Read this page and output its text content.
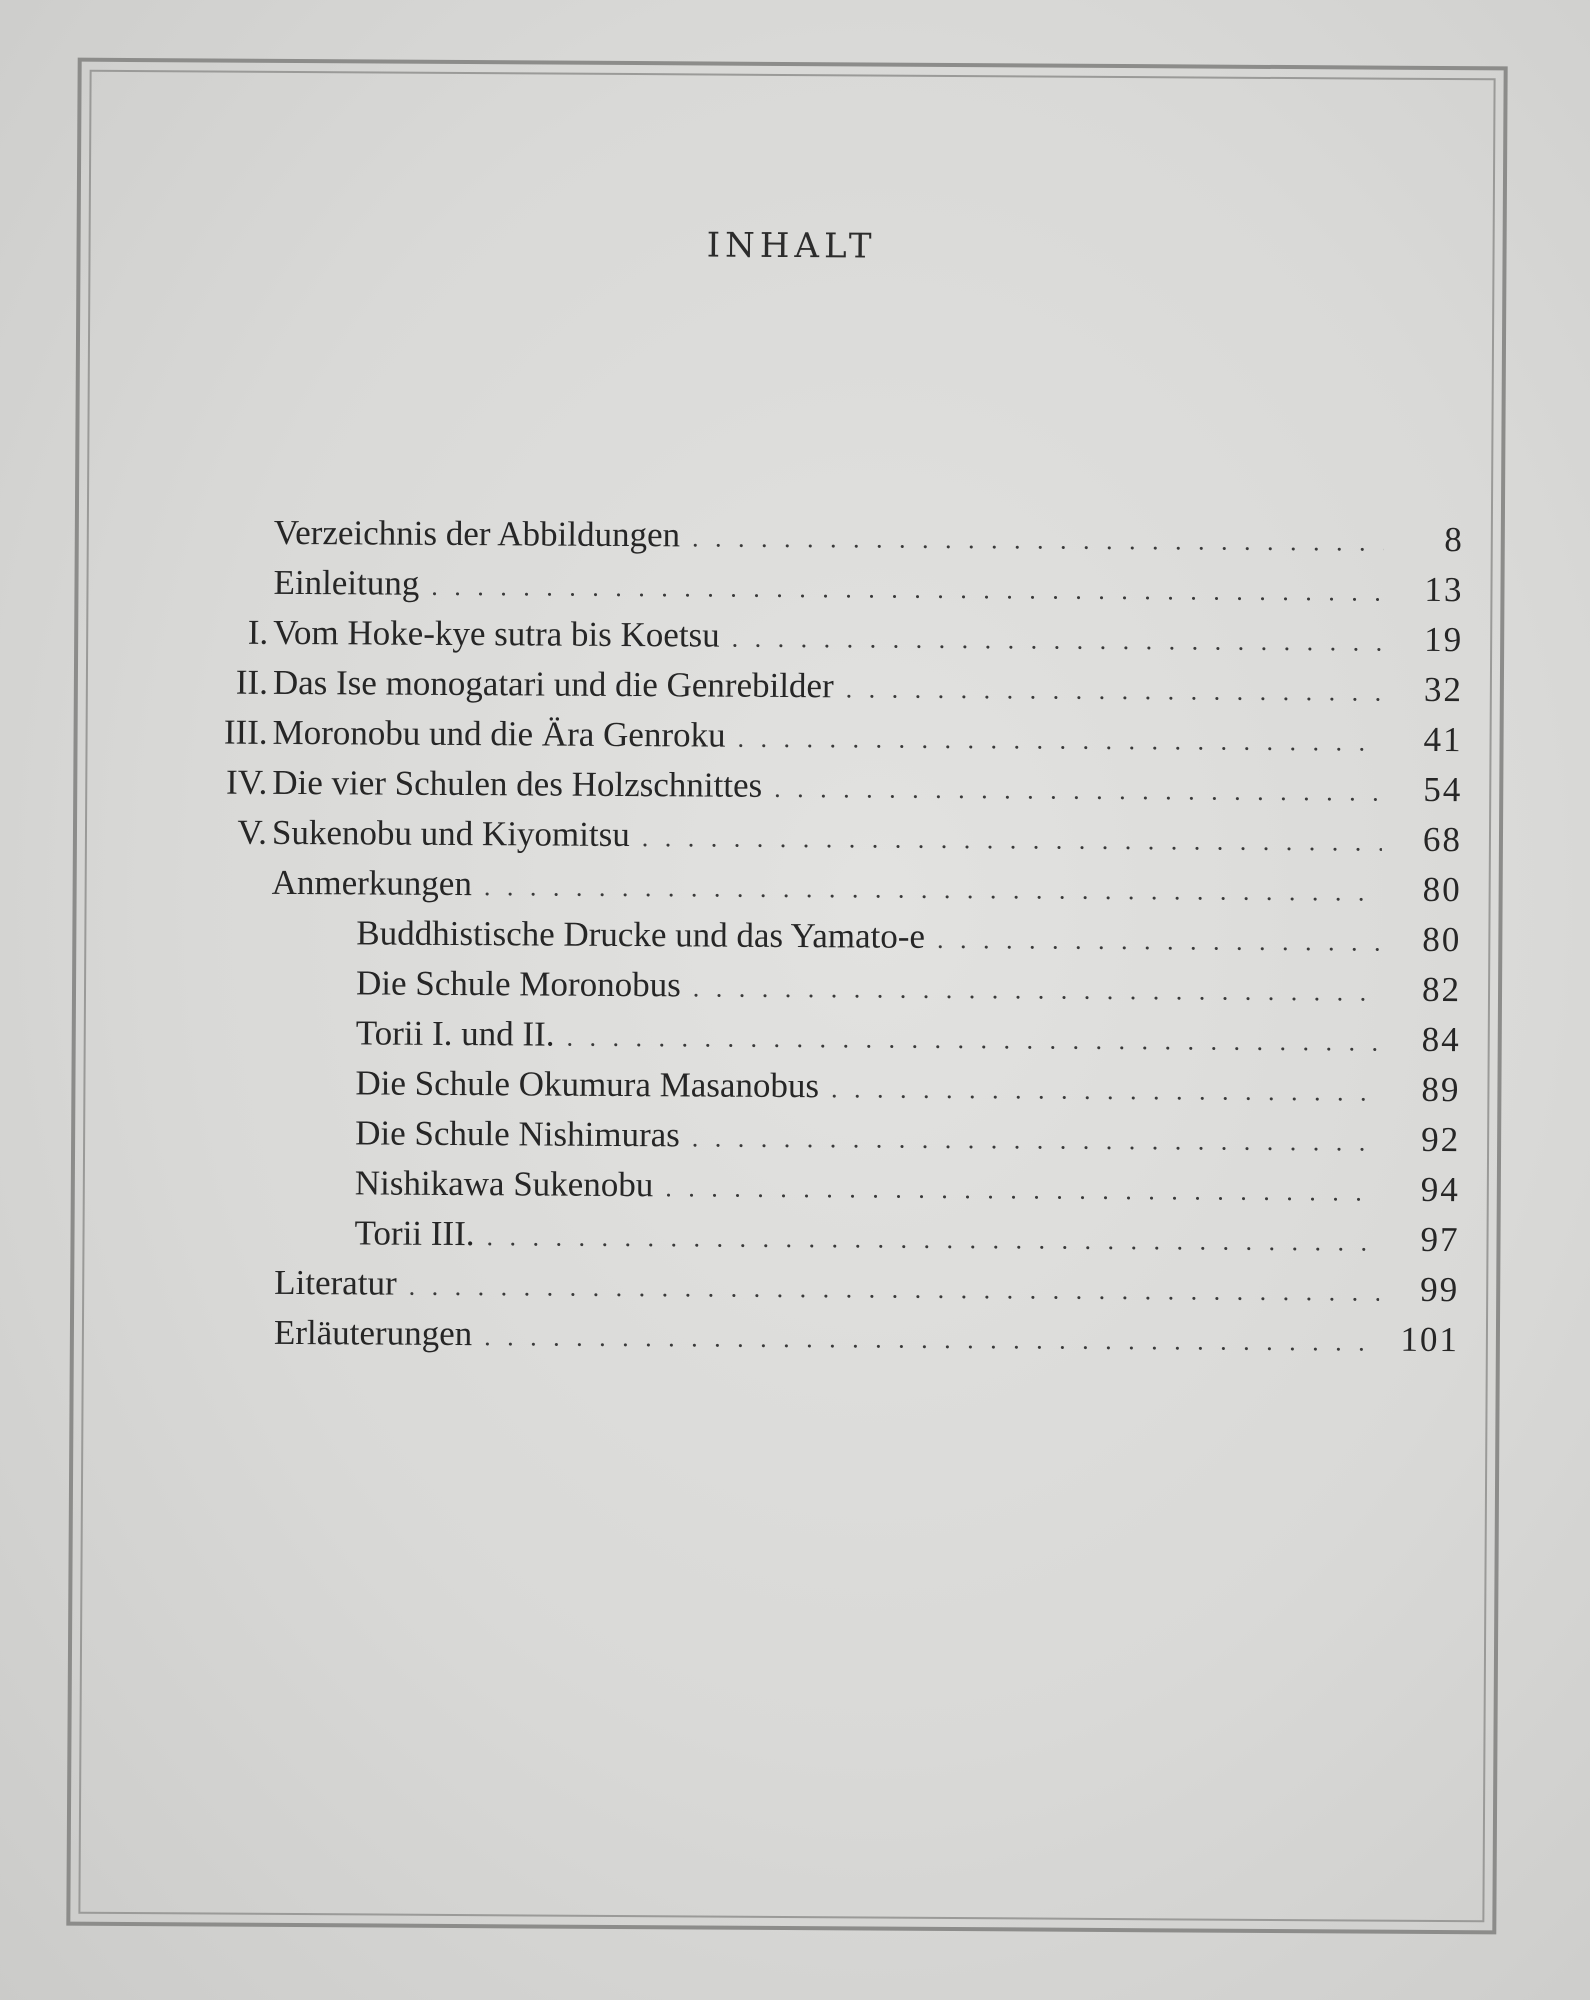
INHALT
Verzeichnis der Abbildungen . . .	8
Einleitung . . .	13
I. Vom Hoke-kye sutra bis Koetsu . . .	19
II. Das Ise monogatari und die Genrebilder . . .	32
III. Moronobu und die Ära Genroku . . .	41
IV. Die vier Schulen des Holzschnittes . . .	54
V. Sukenobu und Kiyomitsu . . .	68
Anmerkungen . . .	80
Buddhistische Drucke und das Yamato-e . . .	80
Die Schule Moronobus . . .	82
Torii I. und II. . . .	84
Die Schule Okumura Masanobus . . .	89
Die Schule Nishimuras . . .	92
Nishikawa Sukenobu . . .	94
Torii III. . . .	97
Literatur . . .	99
Erläuterungen . . .	101
